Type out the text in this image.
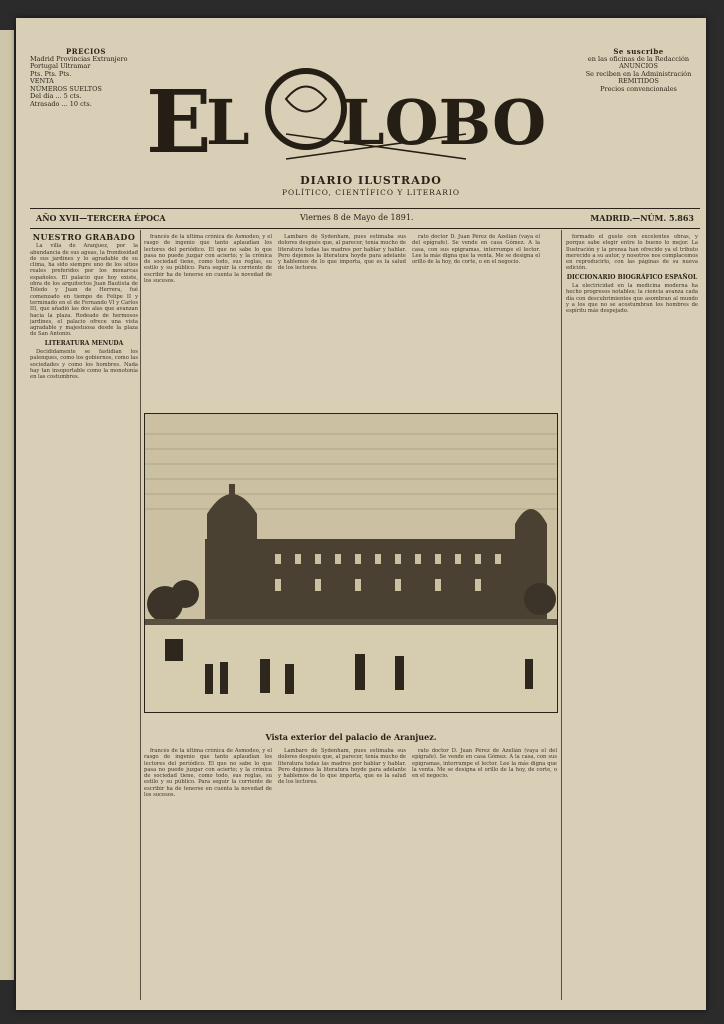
PRECIOS
Madrid Provincias Extranjero Portugal Ultramar
Pts. Pts. Pts.
VENTA
NÚMEROS SUELTOS
Del día ... 5 cts.
Atrasado ... 10 cts. E
L LOBO
DIARIO ILUSTRADO
POLÍTICO, CIENTÍFICO Y LITERARIO
Se suscribe
en las oficinas de la Redacción
ANUNCIOS
Se reciben en la Administración
REMITIDOS
Precios convencionales
AÑO XVII—TERCERA ÉPOCA	Viernes 8 de Mayo de 1891.	MADRID.—NÚM. 5.863
NUESTRO GRABADO

La villa de Aranjuez, por la abundancia de sus aguas, la frondosidad de sus jardines y lo agradable de su clima, ha sido siempre uno de los sitios reales preferidos por los monarcas españoles. El palacio que hoy existe, obra de los arquitectos Juan Bautista de Toledo y Juan de Herrera, fué comenzado en tiempo de Felipe II y terminado en el de Fernando VI y Carlos III, que añadió las dos alas que avanzan hacia la plaza. Rodeado de hermosos jardines, el palacio ofrece una vista agradable y majestuosa desde la plaza de San Antonio.

LITERATURA MENUDA

Decididamente se fastidian los palenques, como los gobiernos, como las sociedades y como los hombres. Nada hay tan insoportable como la monotonía en las costumbres.

francés de la última crónica de Asmodeo, y el rasgo de ingenio que tanto aplaudían los lectores del periódico. El que no sabe lo que pasa no puede juzgar con acierto; y la crónica de sociedad tiene, como todo, sus reglas, su estilo y su público. Para seguir la corriente de escribir ha de tenerse en cuenta la novedad de los sucesos.

Lambaro de Sydenham, pues estimaba sus dolores después que, al parecer, tenía mucho de literatura todas las madres por hablar y hablar. Pero dejemos la literatura hoyde para adelante y hablemos de lo que importa, que es la salud de los lectores.

rato doctor D. Juan Pérez de Azelián (vaya el del epígrafe). Se vende en casa Gómez. A la casa, con sus epigramas, interrumpe el lector. Lee la más digna que la venta. Me se designa el orillo de la hoy, de corte, o en el negocio.

formado el gusto con excelentes obras, y porque sabe elegir entre lo bueno lo mejor. La Ilustración y la prensa han ofrecido ya el tributo merecido a su autor, y nosotros nos complacemos en reproducirlo, con las páginas de su nueva edición.

DICCIONARIO BIOGRÁFICO ESPAÑOL

La electricidad en la medicina moderna ha hecho progresos notables; la ciencia avanza cada día con descubrimientos que asombran al mundo y a los que no se acostumbran los hombres de espíritu más despejado.

Vista exterior del palacio de Aranjuez.

francés de la última crónica de Asmodeo, y el rasgo de ingenio que tanto aplaudían los lectores del periódico. El que no sabe lo que pasa no puede juzgar con acierto; y la crónica de sociedad tiene, como todo, sus reglas, su estilo y su público. Para seguir la corriente de escribir ha de tenerse en cuenta la novedad de los sucesos.

Lambaro de Sydenham, pues estimaba sus dolores después que, al parecer, tenía mucho de literatura todas las madres por hablar y hablar. Pero dejemos la literatura hoyde para adelante y hablemos de lo que importa, que es la salud de los lectores.

rato doctor D. Juan Pérez de Azelián (vaya el del epígrafe). Se vende en casa Gómez. A la casa, con sus epigramas, interrumpe el lector. Lee la más digna que la venta. Me se designa el orillo de la hoy, de corte, o en el negocio.
